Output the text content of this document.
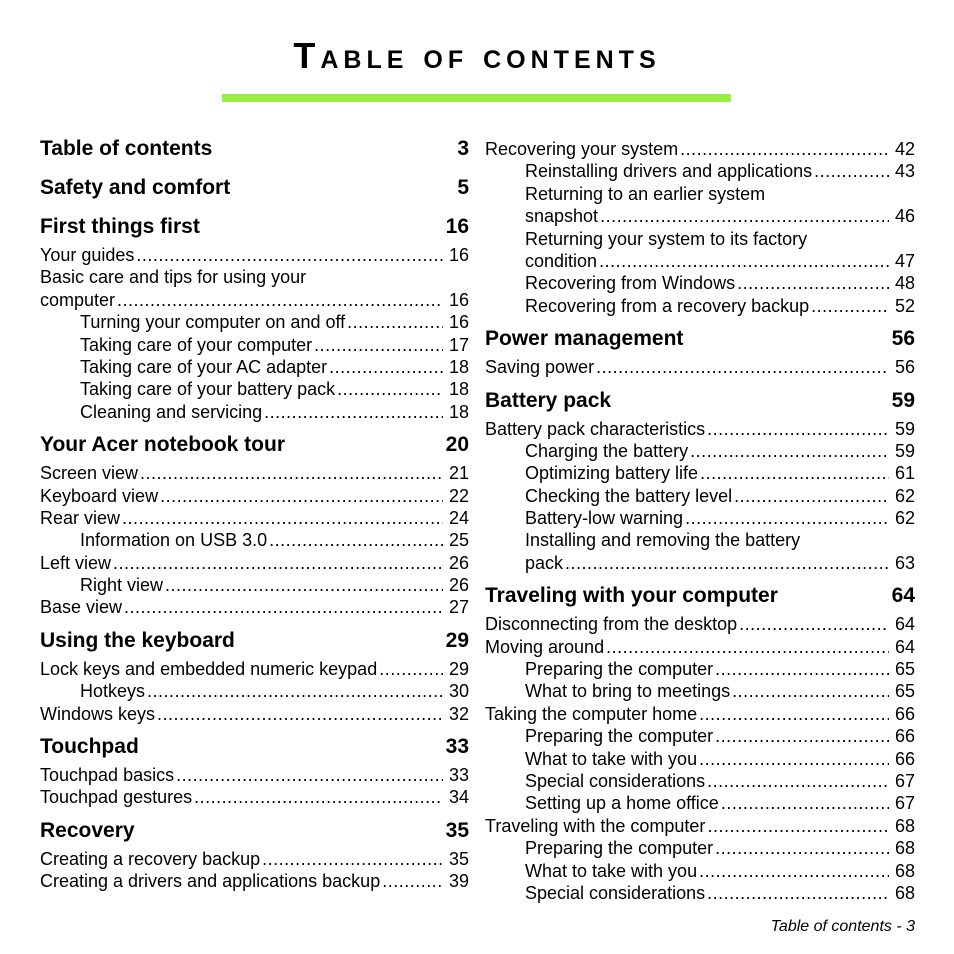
Table of contents
Table of contents	3
Safety and comfort	5
First things first	16
Your guides .....	16
Basic care and tips for using your
computer .....	16
Turning your computer on and off .....	16
Taking care of your computer .....	17
Taking care of your AC adapter .....	18
Taking care of your battery pack .....	18
Cleaning and servicing .....	18
Your Acer notebook tour	20
Screen view .....	21
Keyboard view .....	22
Rear view .....	24
Information on USB 3.0 .....	25
Left view .....	26
Right view .....	26
Base view .....	27
Using the keyboard	29
Lock keys and embedded numeric keypad .....	29
Hotkeys .....	30
Windows keys .....	32
Touchpad	33
Touchpad basics .....	33
Touchpad gestures .....	34
Recovery	35
Creating a recovery backup .....	35
Creating a drivers and applications backup .....	39
Recovering your system .....	42
Reinstalling drivers and applications .....	43
Returning to an earlier system
snapshot .....	46
Returning your system to its factory
condition .....	47
Recovering from Windows .....	48
Recovering from a recovery backup .....	52
Power management	56
Saving power .....	56
Battery pack	59
Battery pack characteristics .....	59
Charging the battery .....	59
Optimizing battery life .....	61
Checking the battery level .....	62
Battery-low warning .....	62
Installing and removing the battery
pack .....	63
Traveling with your computer	64
Disconnecting from the desktop .....	64
Moving around .....	64
Preparing the computer .....	65
What to bring to meetings .....	65
Taking the computer home .....	66
Preparing the computer .....	66
What to take with you .....	66
Special considerations .....	67
Setting up a home office .....	67
Traveling with the computer .....	68
Preparing the computer .....	68
What to take with you .....	68
Special considerations .....	68
Table of contents - 3
